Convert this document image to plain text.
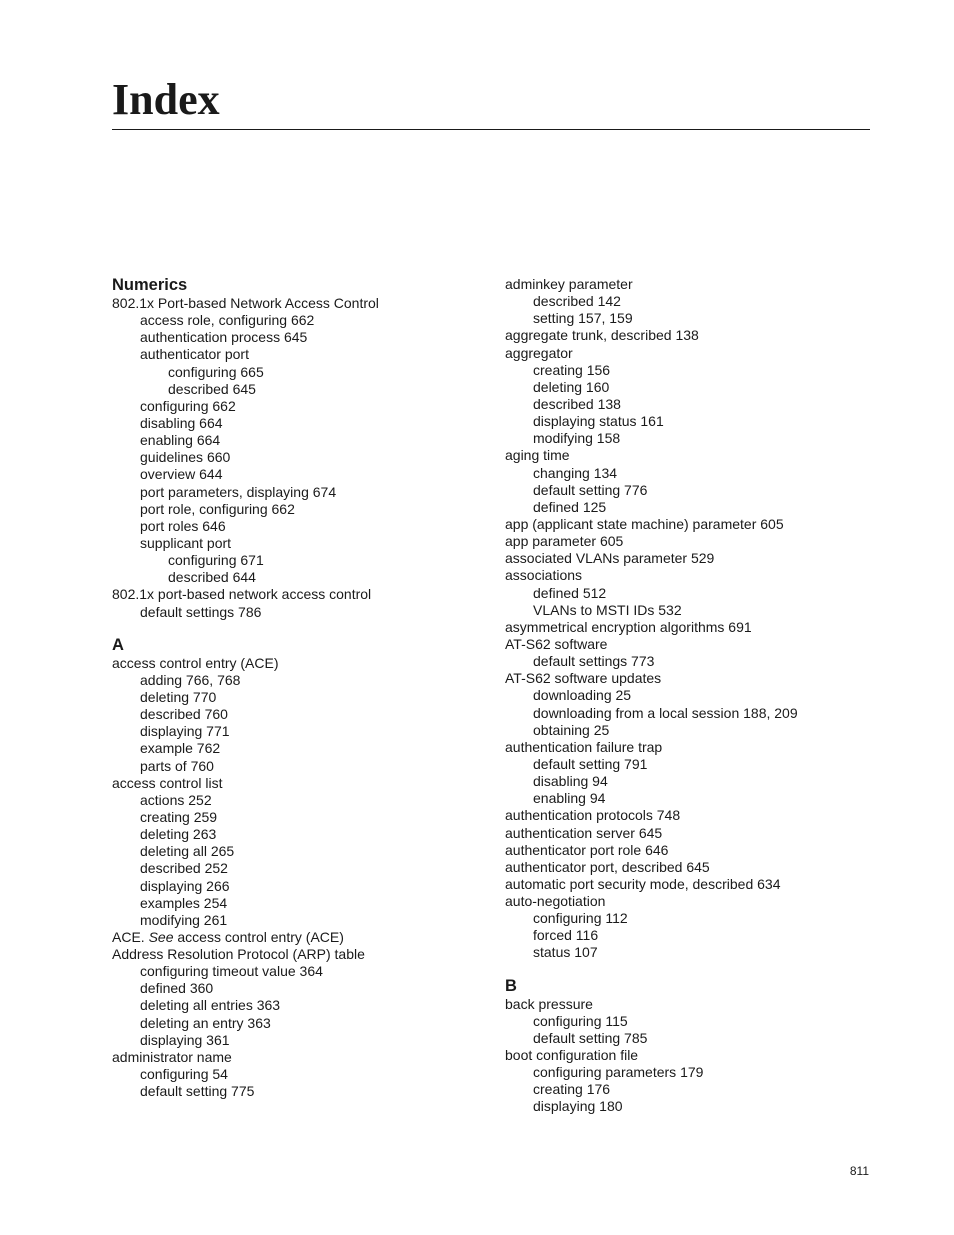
Index
Numerics
802.1x Port-based Network Access Control
access role, configuring 662
authentication process 645
authenticator port
configuring 665
described 645
configuring 662
disabling 664
enabling 664
guidelines 660
overview 644
port parameters, displaying 674
port role, configuring 662
port roles 646
supplicant port
configuring 671
described 644
802.1x port-based network access control
default settings 786
A
access control entry (ACE)
adding 766, 768
deleting 770
described 760
displaying 771
example 762
parts of 760
access control list
actions 252
creating 259
deleting 263
deleting all 265
described 252
displaying 266
examples 254
modifying 261
ACE. See access control entry (ACE)
Address Resolution Protocol (ARP) table
configuring timeout value 364
defined 360
deleting all entries 363
deleting an entry 363
displaying 361
administrator name
configuring 54
default setting 775
adminkey parameter
described 142
setting 157, 159
aggregate trunk, described 138
aggregator
creating 156
deleting 160
described 138
displaying status 161
modifying 158
aging time
changing 134
default setting 776
defined 125
app (applicant state machine) parameter 605
app parameter 605
associated VLANs parameter 529
associations
defined 512
VLANs to MSTI IDs 532
asymmetrical encryption algorithms 691
AT-S62 software
default settings 773
AT-S62 software updates
downloading 25
downloading from a local session 188, 209
obtaining 25
authentication failure trap
default setting 791
disabling 94
enabling 94
authentication protocols 748
authentication server 645
authenticator port role 646
authenticator port, described 645
automatic port security mode, described 634
auto-negotiation
configuring 112
forced 116
status 107
B
back pressure
configuring 115
default setting 785
boot configuration file
configuring parameters 179
creating 176
displaying 180
811
